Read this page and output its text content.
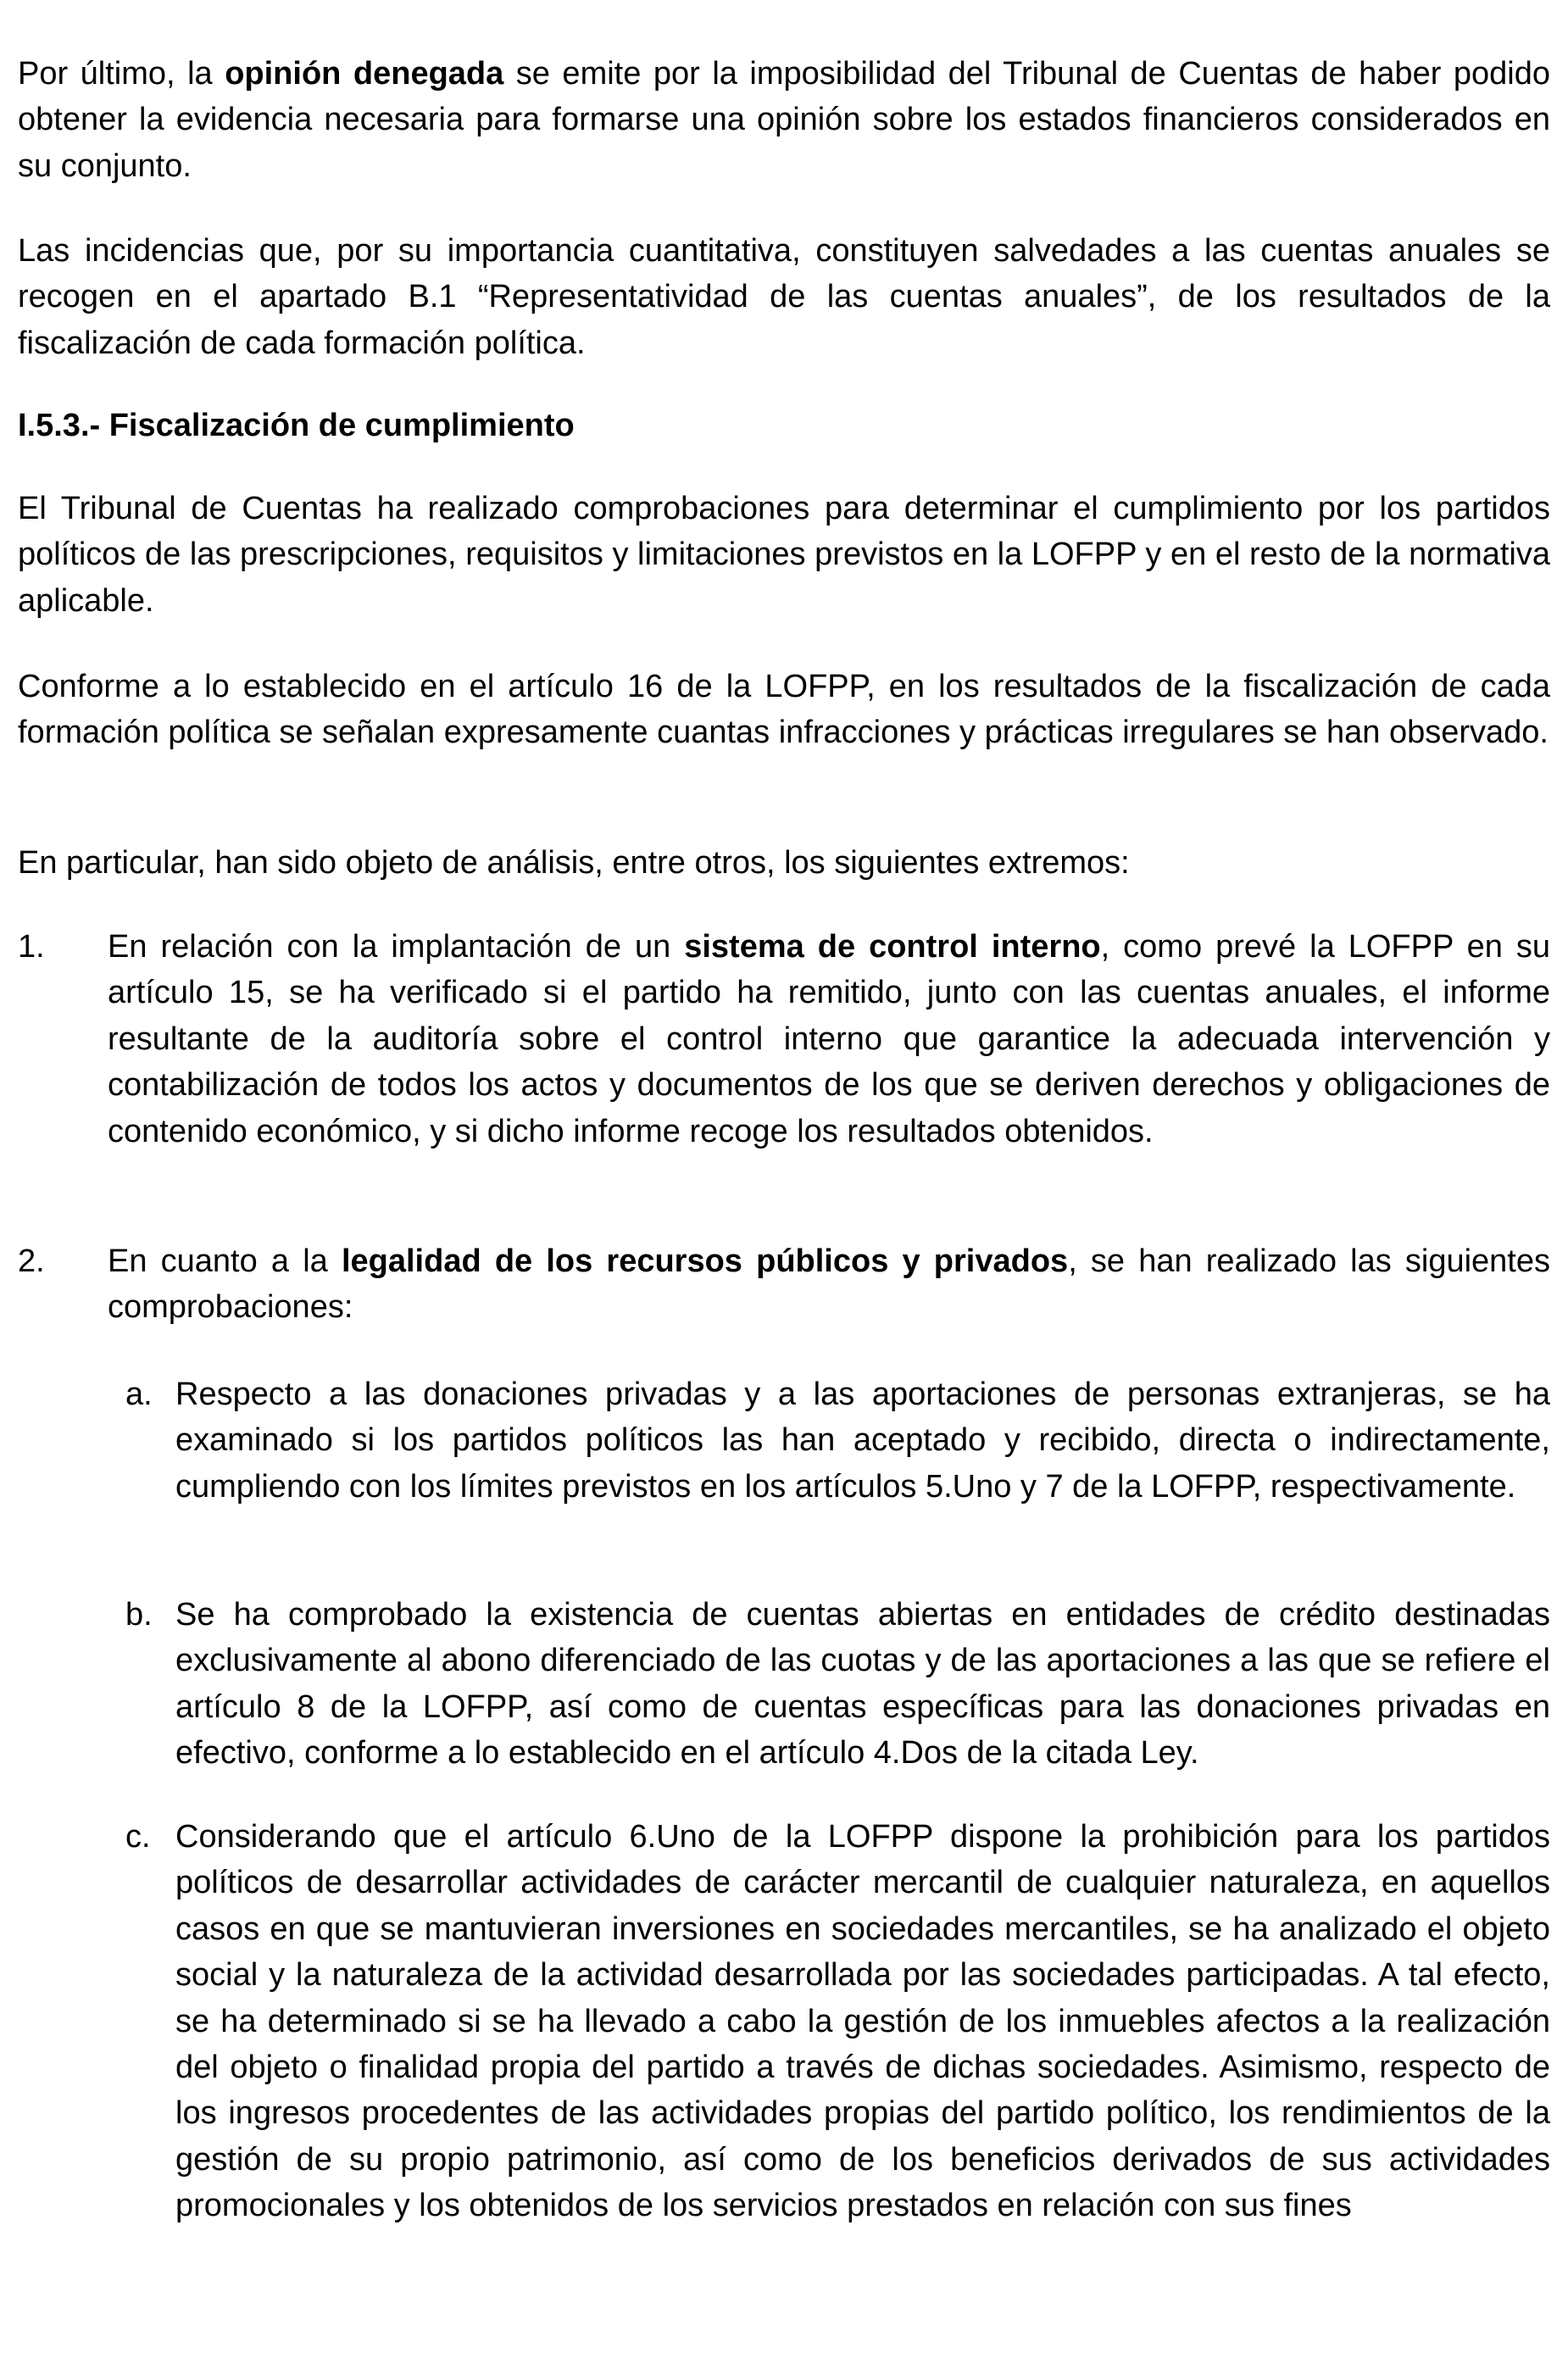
Por último, la opinión denegada se emite por la imposibilidad del Tribunal de Cuentas de haber podido obtener la evidencia necesaria para formarse una opinión sobre los estados financieros considerados en su conjunto.

Las incidencias que, por su importancia cuantitativa, constituyen salvedades a las cuentas anuales se recogen en el apartado B.1 “Representatividad de las cuentas anuales”, de los resultados de la fiscalización de cada formación política.

I.5.3.- Fiscalización de cumplimiento

El Tribunal de Cuentas ha realizado comprobaciones para determinar el cumplimiento por los partidos políticos de las prescripciones, requisitos y limitaciones previstos en la LOFPP y en el resto de la normativa aplicable.

Conforme a lo establecido en el artículo 16 de la LOFPP, en los resultados de la fiscalización de cada formación política se señalan expresamente cuantas infracciones y prácticas irregulares se han observado.

En particular, han sido objeto de análisis, entre otros, los siguientes extremos:

1. En relación con la implantación de un sistema de control interno, como prevé la LOFPP en su artículo 15, se ha verificado si el partido ha remitido, junto con las cuentas anuales, el informe resultante de la auditoría sobre el control interno que garantice la adecuada intervención y contabilización de todos los actos y documentos de los que se deriven derechos y obligaciones de contenido económico, y si dicho informe recoge los resultados obtenidos.

2. En cuanto a la legalidad de los recursos públicos y privados, se han realizado las siguientes comprobaciones:

a. Respecto a las donaciones privadas y a las aportaciones de personas extranjeras, se ha examinado si los partidos políticos las han aceptado y recibido, directa o indirectamente, cumpliendo con los límites previstos en los artículos 5.Uno y 7 de la LOFPP, respectivamente.

b. Se ha comprobado la existencia de cuentas abiertas en entidades de crédito destinadas exclusivamente al abono diferenciado de las cuotas y de las aportaciones a las que se refiere el artículo 8 de la LOFPP, así como de cuentas específicas para las donaciones privadas en efectivo, conforme a lo establecido en el artículo 4.Dos de la citada Ley.

c. Considerando que el artículo 6.Uno de la LOFPP dispone la prohibición para los partidos políticos de desarrollar actividades de carácter mercantil de cualquier naturaleza, en aquellos casos en que se mantuvieran inversiones en sociedades mercantiles, se ha analizado el objeto social y la naturaleza de la actividad desarrollada por las sociedades participadas. A tal efecto, se ha determinado si se ha llevado a cabo la gestión de los inmuebles afectos a la realización del objeto o finalidad propia del partido a través de dichas sociedades. Asimismo, respecto de los ingresos procedentes de las actividades propias del partido político, los rendimientos de la gestión de su propio patrimonio, así como de los beneficios derivados de sus actividades promocionales y los obtenidos de los servicios prestados en relación con sus fines
